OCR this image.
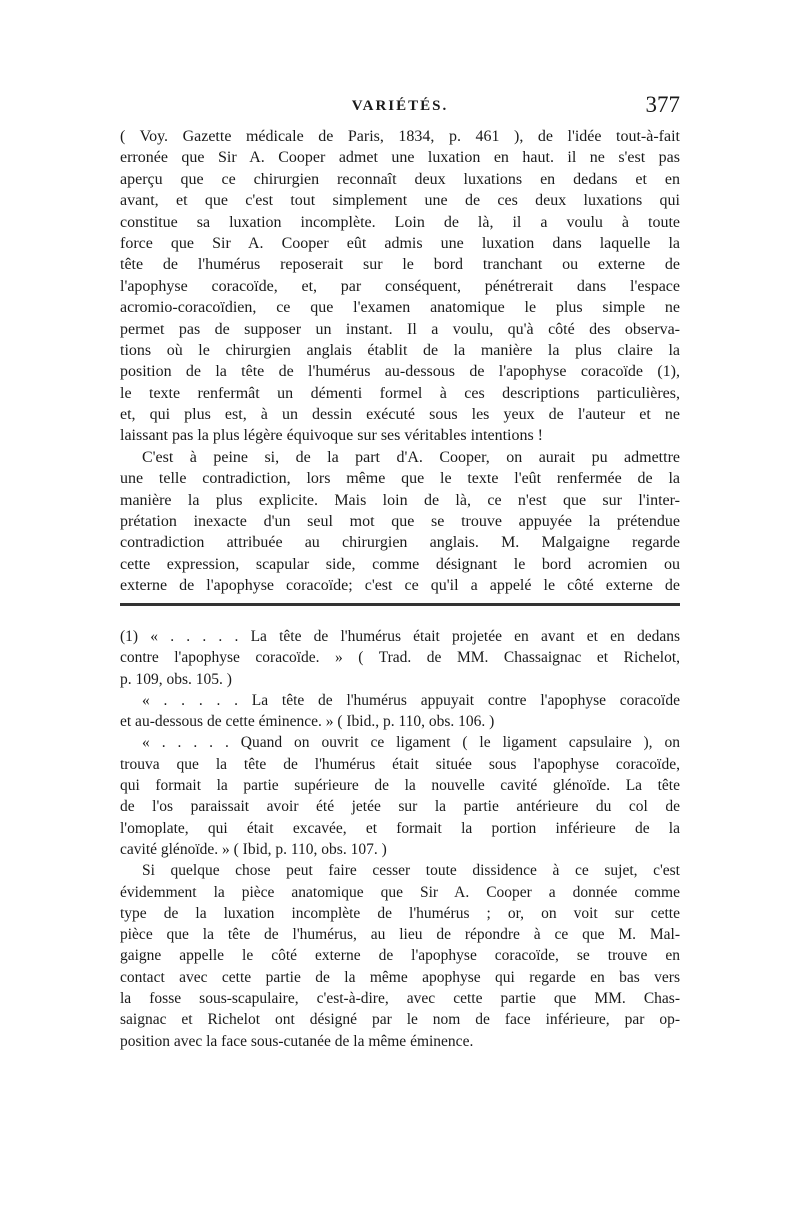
VARIÉTÉS.	377
( Voy. Gazette médicale de Paris, 1834, p. 461 ), de l'idée tout-à-fait
erronée que Sir A. Cooper admet une luxation en haut. il ne s'est pas
aperçu que ce chirurgien reconnaît deux luxations en dedans et en
avant, et que c'est tout simplement une de ces deux luxations qui
constitue sa luxation incomplète. Loin de là, il a voulu à toute
force que Sir A. Cooper eût admis une luxation dans laquelle la
tête de l'humérus reposerait sur le bord tranchant ou externe de
l'apophyse coracoïde, et, par conséquent, pénétrerait dans l'espace
acromio-coracoïdien, ce que l'examen anatomique le plus simple ne
permet pas de supposer un instant. Il a voulu, qu'à côté des observa-
tions où le chirurgien anglais établit de la manière la plus claire la
position de la tête de l'humérus au-dessous de l'apophyse coracoïde (1),
le texte renfermât un démenti formel à ces descriptions particulières,
et, qui plus est, à un dessin exécuté sous les yeux de l'auteur et ne
laissant pas la plus légère équivoque sur ses véritables intentions !
C'est à peine si, de la part d'A. Cooper, on aurait pu admettre
une telle contradiction, lors même que le texte l'eût renfermée de la
manière la plus explicite. Mais loin de là, ce n'est que sur l'inter-
prétation inexacte d'un seul mot que se trouve appuyée la prétendue
contradiction attribuée au chirurgien anglais. M. Malgaigne regarde
cette expression, scapular side, comme désignant le bord acromien ou
externe de l'apophyse coracoïde; c'est ce qu'il a appelé le côté externe de
(1) « . . . . . La tête de l'humérus était projetée en avant et en dedans
contre l'apophyse coracoïde. » ( Trad. de MM. Chassaignac et Richelot,
p. 109, obs. 105. )
« . . . . . La tête de l'humérus appuyait contre l'apophyse coracoïde
et au-dessous de cette éminence. » ( Ibid., p. 110, obs. 106. )
« . . . . . Quand on ouvrit ce ligament ( le ligament capsulaire ), on
trouva que la tête de l'humérus était située sous l'apophyse coracoïde,
qui formait la partie supérieure de la nouvelle cavité glénoïde. La tête
de l'os paraissait avoir été jetée sur la partie antérieure du col de
l'omoplate, qui était excavée, et formait la portion inférieure de la
cavité glénoïde. » ( Ibid, p. 110, obs. 107. )
Si quelque chose peut faire cesser toute dissidence à ce sujet, c'est
évidemment la pièce anatomique que Sir A. Cooper a donnée comme
type de la luxation incomplète de l'humérus ; or, on voit sur cette
pièce que la tête de l'humérus, au lieu de répondre à ce que M. Mal-
gaigne appelle le côté externe de l'apophyse coracoïde, se trouve en
contact avec cette partie de la même apophyse qui regarde en bas vers
la fosse sous-scapulaire, c'est-à-dire, avec cette partie que MM. Chas-
saignac et Richelot ont désigné par le nom de face inférieure, par op-
position avec la face sous-cutanée de la même éminence.
